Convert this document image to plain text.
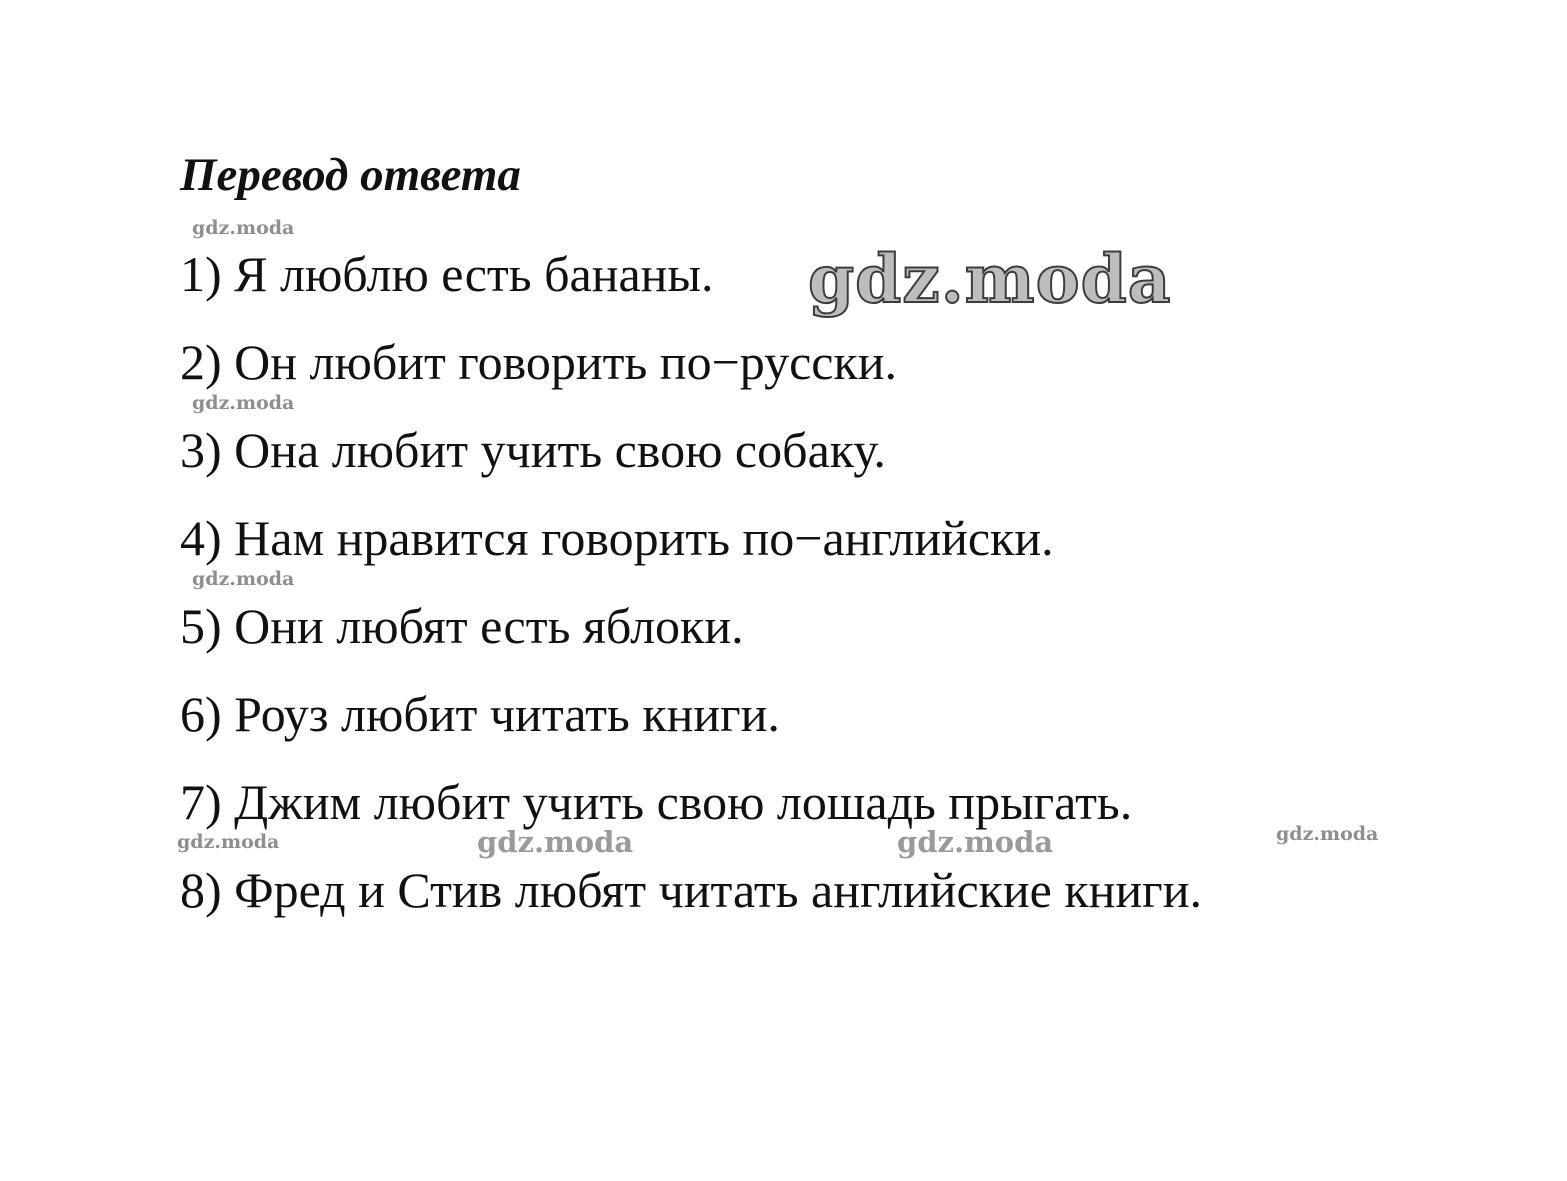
Перевод ответа
1) Я люблю есть бананы.
2) Он любит говорить по−русски.
3) Она любит учить свою собаку.
4) Нам нравится говорить по−английски.
5) Они любят есть яблоки.
6) Роуз любит читать книги.
7) Джим любит учить свою лошадь прыгать.
8) Фред и Стив любят читать английские книги.
gdz.moda
gdz.moda
gdz.moda
gdz.moda
gdz.moda	gdz.moda	gdz.moda	gdz.moda
